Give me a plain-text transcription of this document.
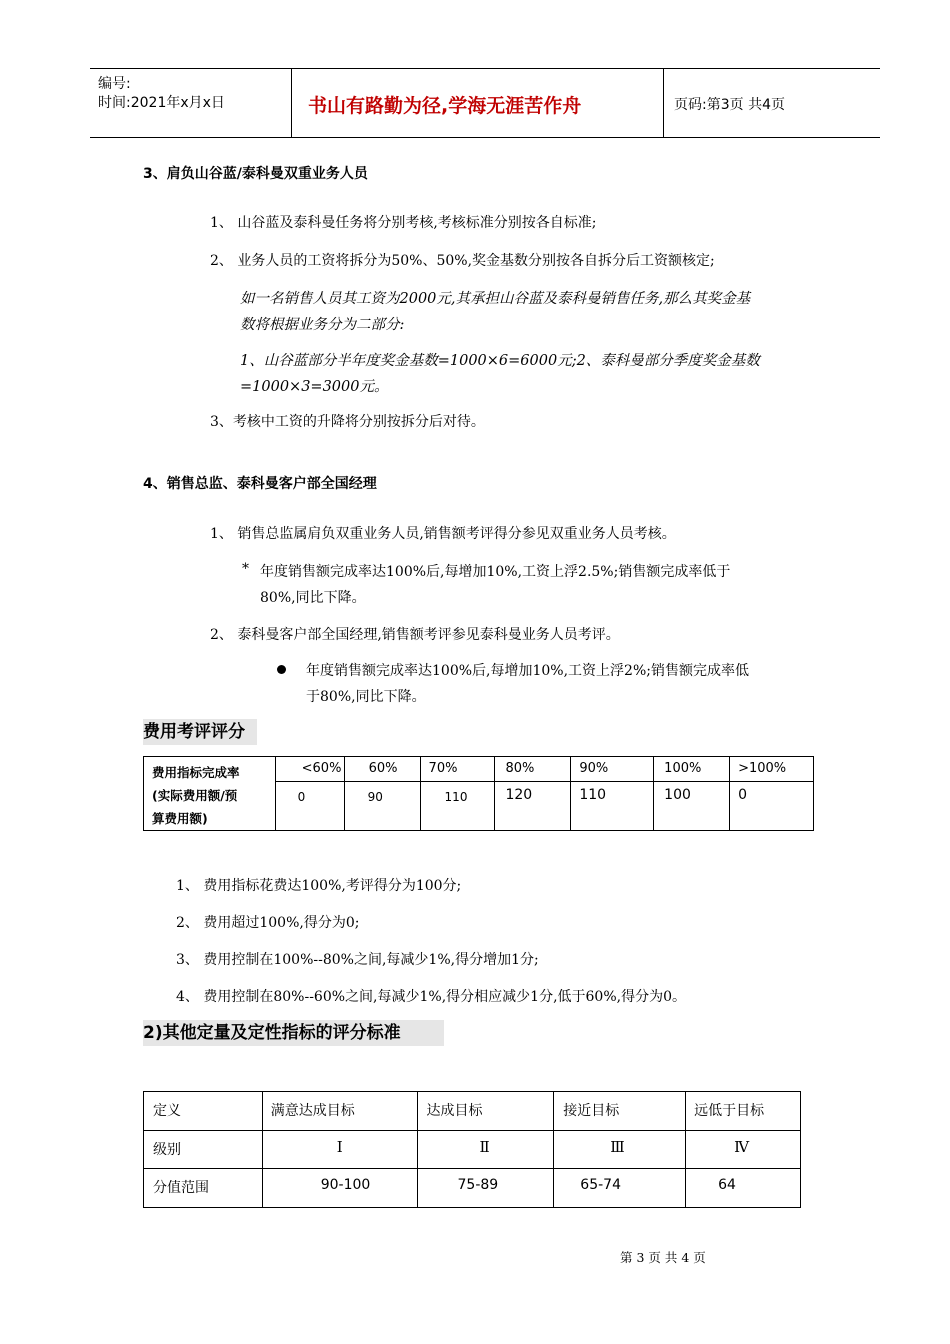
编号:
时间:2021年x月x日	书山有路勤为径,学海无涯苦作舟	页码:第3页 共4页
3、肩负山谷蓝/泰科曼双重业务人员
1、 山谷蓝及泰科曼任务将分别考核,考核标准分别按各自标准;
2、 业务人员的工资将拆分为50%、50%,奖金基数分别按各自拆分后工资额核定;
如一名销售人员其工资为2000元,其承担山谷蓝及泰科曼销售任务,那么其奖金基
数将根据业务分为二部分:
1、山谷蓝部分半年度奖金基数=1000×6=6000元;2、泰科曼部分季度奖金基数
=1000×3=3000元。
3、考核中工资的升降将分别按拆分后对待。
4、销售总监、泰科曼客户部全国经理
1、 销售总监属肩负双重业务人员,销售额考评得分参见双重业务人员考核。
* 年度销售额完成率达100%后,每增加10%,工资上浮2.5%;销售额完成率低于
80%,同比下降。
2、 泰科曼客户部全国经理,销售额考评参见泰科曼业务人员考评。
年度销售额完成率达100%后,每增加10%,工资上浮2%;销售额完成率低
于80%,同比下降。
费用考评评分
费用指标完成率
(实际费用额/预
算费用额)	<60%	60%	70%	80%	90%	100%	>100%
	0	90	110	120	110	100	0
1、 费用指标花费达100%,考评得分为100分;
2、 费用超过100%,得分为0;
3、 费用控制在100%--80%之间,每减少1%,得分增加1分;
4、 费用控制在80%--60%之间,每减少1%,得分相应减少1分,低于60%,得分为0。
2)其他定量及定性指标的评分标准
定义	满意达成目标	达成目标	接近目标	远低于目标
级别	Ⅰ	Ⅱ	Ⅲ	Ⅳ
分值范围	90-100	75-89	65-74	64
第 3 页 共 4 页
